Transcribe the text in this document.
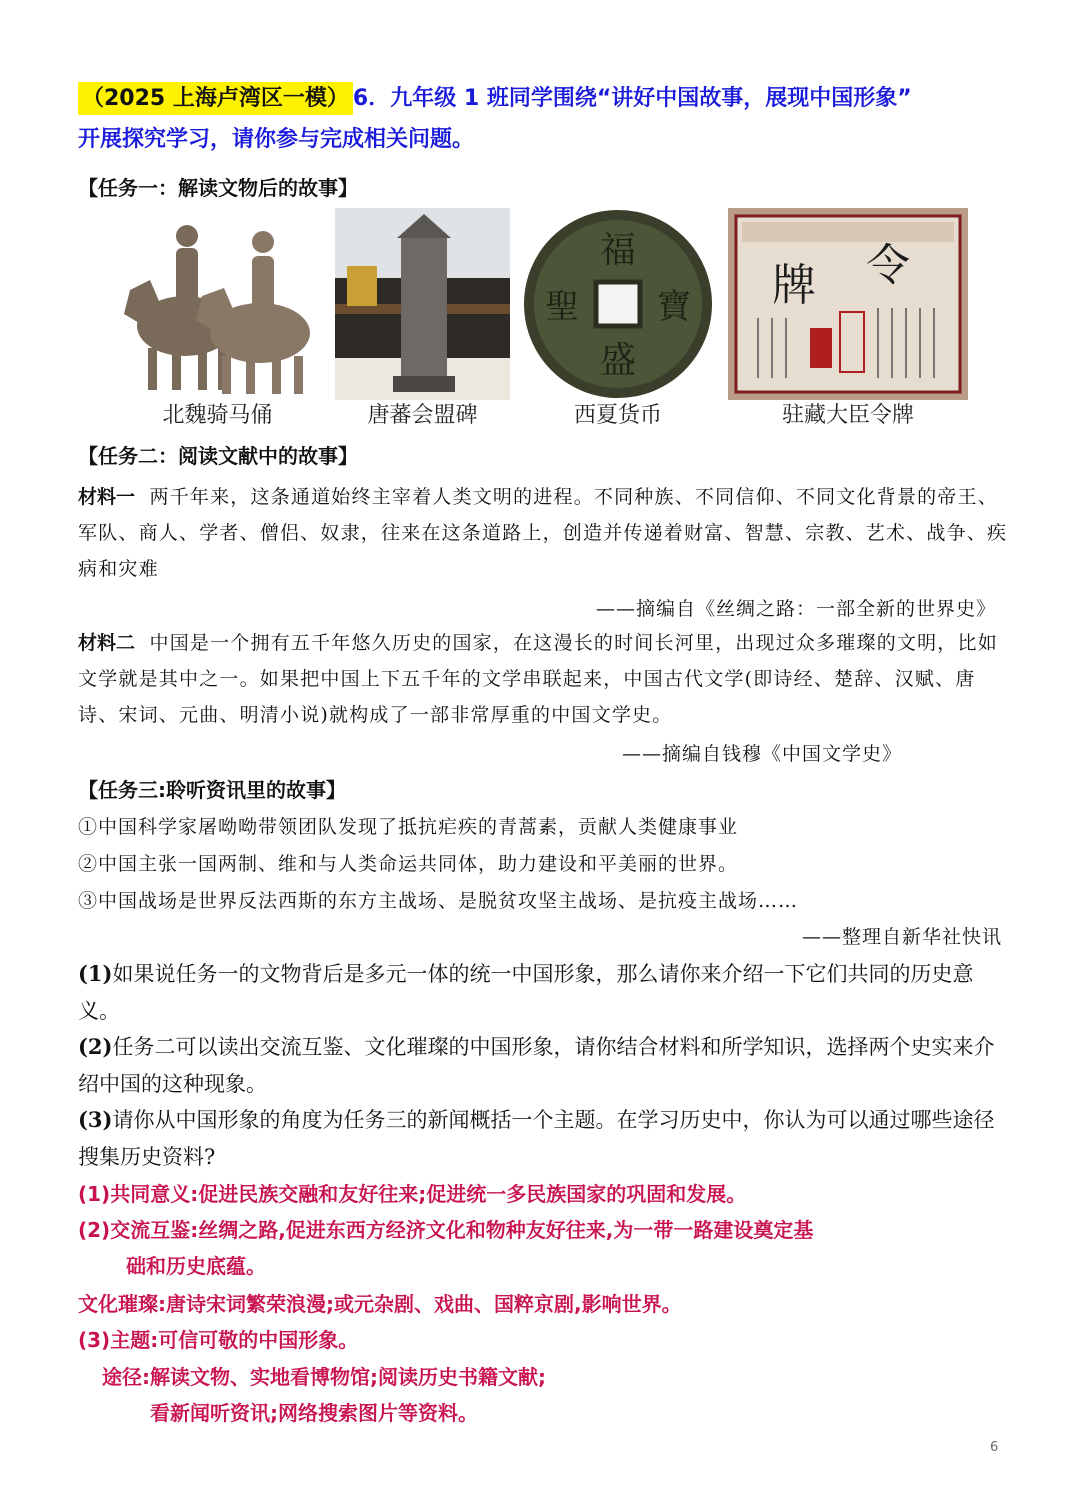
（2025 上海卢湾区一模） 6．九年级 1 班同学围绕“讲好中国故事，展现中国形象”
开展探究学习，请你参与完成相关问题。
【任务一：解读文物后的故事】
北魏骑马俑	唐蕃会盟碑
福
盛
聖 寶
西夏货币
令
牌
驻藏大臣令牌
【任务二：阅读文献中的故事】
材料一 两千年来，这条通道始终主宰着人类文明的进程。不同种族、不同信仰、不同文化背景的帝王、军队、商人、学者、僧侣、奴隶，往来在这条道路上，创造并传递着财富、智慧、宗教、艺术、战争、疾病和灾难
——摘编自《丝绸之路：一部全新的世界史》
材料二 中国是一个拥有五千年悠久历史的国家，在这漫长的时间长河里，出现过众多璀璨的文明，比如文学就是其中之一。如果把中国上下五千年的文学串联起来，中国古代文学(即诗经、楚辞、汉赋、唐诗、宋词、元曲、明清小说)就构成了一部非常厚重的中国文学史。
——摘编自钱穆《中国文学史》
【任务三:聆听资讯里的故事】
①中国科学家屠呦呦带领团队发现了抵抗疟疾的青蒿素，贡献人类健康事业
②中国主张一国两制、维和与人类命运共同体，助力建设和平美丽的世界。
③中国战场是世界反法西斯的东方主战场、是脱贫攻坚主战场、是抗疫主战场……
——整理自新华社快讯
(1)如果说任务一的文物背后是多元一体的统一中国形象，那么请你来介绍一下它们共同的历史意义。
(2)任务二可以读出交流互鉴、文化璀璨的中国形象，请你结合材料和所学知识，选择两个史实来介绍中国的这种现象。
(3)请你从中国形象的角度为任务三的新闻概括一个主题。在学习历史中，你认为可以通过哪些途径搜集历史资料?
(1)共同意义:促进民族交融和友好往来;促进统一多民族国家的巩固和发展。
(2)交流互鉴:丝绸之路,促进东西方经济文化和物种友好往来,为一带一路建设奠定基
础和历史底蕴。
文化璀璨:唐诗宋词繁荣浪漫;或元杂剧、戏曲、国粹京剧,影响世界。
(3)主题:可信可敬的中国形象。
途径:解读文物、实地看博物馆;阅读历史书籍文献;
看新闻听资讯;网络搜索图片等资料。
6
